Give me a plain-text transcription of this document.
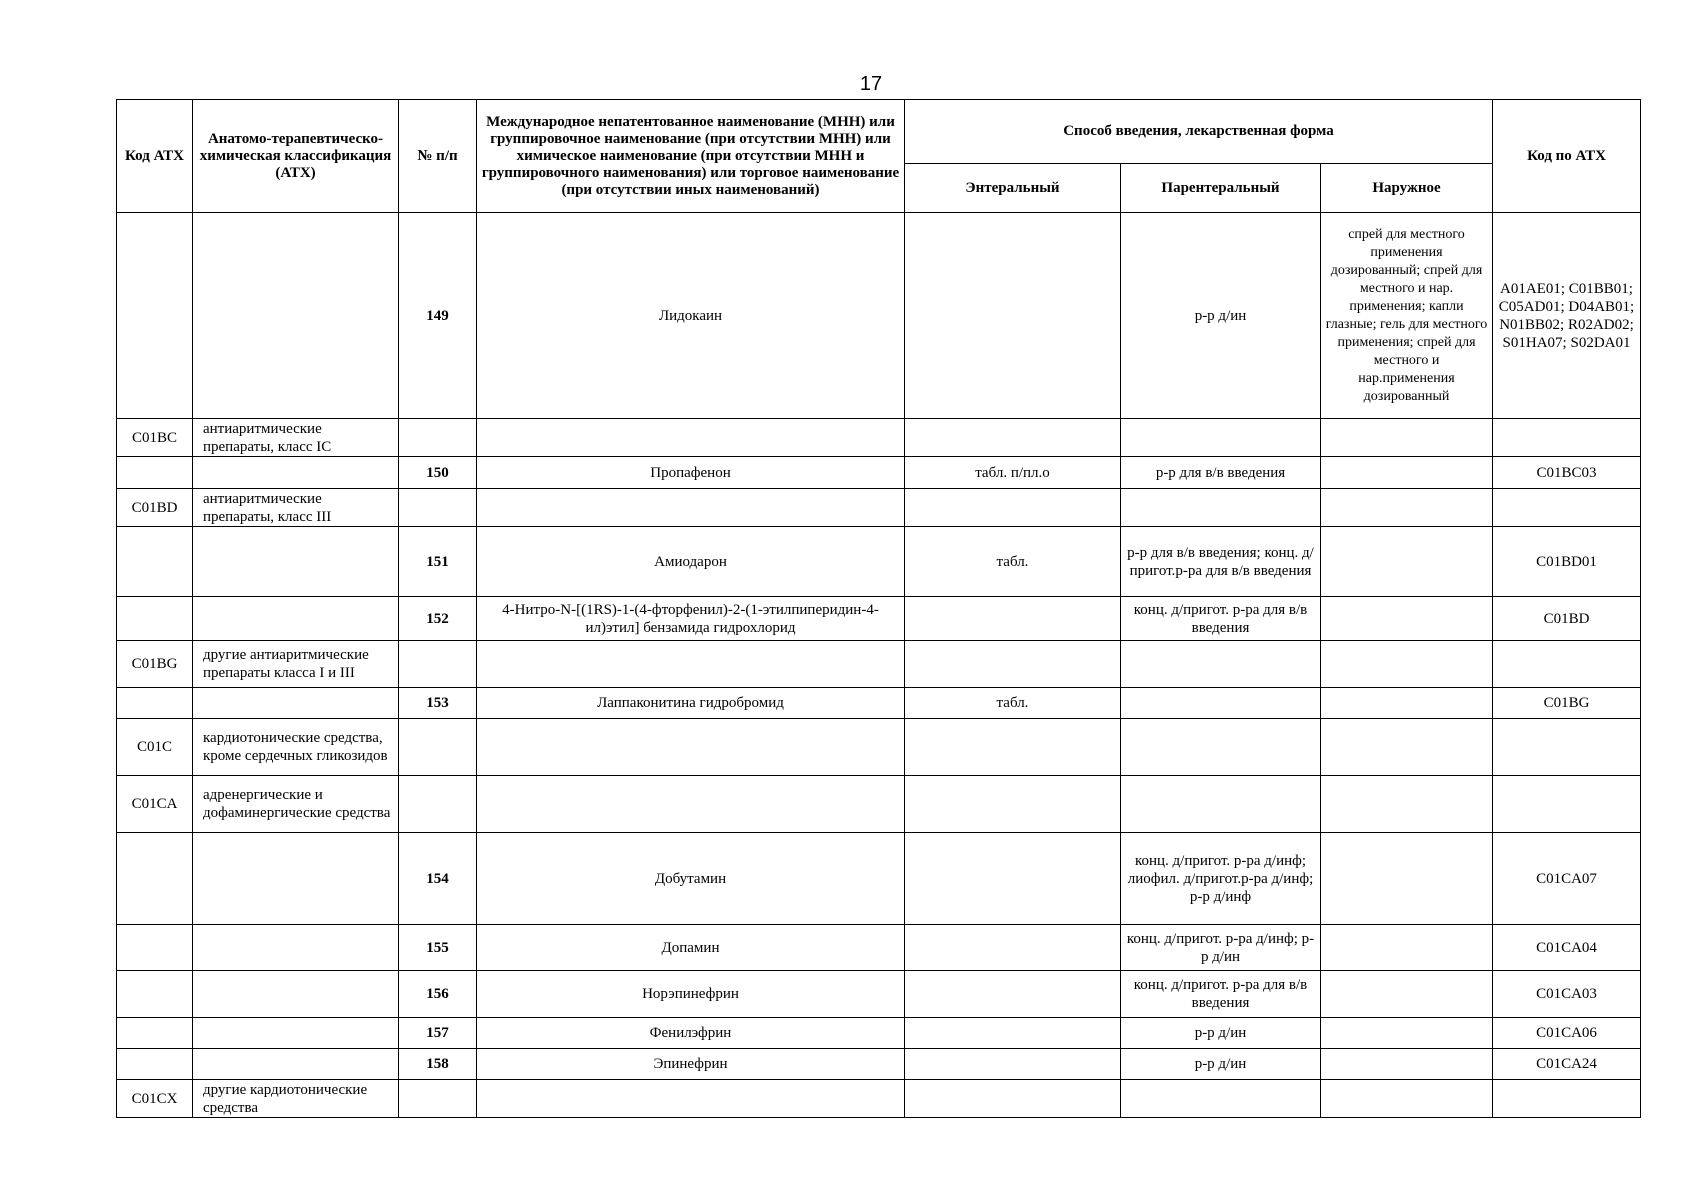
17
Код АТХ	Анатомо-терапевтическо-химическая классификация (АТХ)	№ п/п	Международное непатентованное наименование (МНН) или группировочное наименование (при отсутствии МНН) или химическое наименование (при отсутствии МНН и группировочного наименования) или торговое наименование (при отсутствии иных наименований)	Способ введения, лекарственная форма			Код по АТХ
				Энтеральный	Парентеральный	Наружное	
		149	Лидокаин		р-р д/ин	спрей для местного применения дозированный; спрей для местного и нар. применения; капли глазные; гель для местного применения; спрей для местного и нар.применения дозированный	A01AE01; C01BB01; C05AD01; D04AB01; N01BB02; R02AD02; S01HA07; S02DA01
C01BC	антиаритмические препараты, класс IC						
		150	Пропафенон	табл. п/пл.о	р-р для в/в введения		C01BC03
C01BD	антиаритмические препараты, класс III						
		151	Амиодарон	табл.	р-р для в/в введения; конц. д/пригот.р-ра для в/в введения		C01BD01
		152	4-Нитро-N-[(1RS)-1-(4-фторфенил)-2-(1-этилпиперидин-4-ил)этил] бензамида гидрохлорид		конц. д/пригот. р-ра для в/в введения		C01BD
C01BG	другие антиаритмические препараты класса I и III						
		153	Лаппаконитина гидробромид	табл.			C01BG
C01C	кардиотонические средства, кроме сердечных гликозидов						
C01CA	адренергические и дофаминергические средства						
		154	Добутамин		конц. д/пригот. р-ра д/инф; лиофил. д/пригот.р-ра д/инф; р-р д/инф		C01CA07
		155	Допамин		конц. д/пригот. р-ра д/инф; р-р д/ин		C01CA04
		156	Норэпинефрин		конц. д/пригот. р-ра для в/в введения		C01CA03
		157	Фенилэфрин		р-р д/ин		C01CA06
		158	Эпинефрин		р-р д/ин		C01CA24
C01CX	другие кардиотонические средства						
